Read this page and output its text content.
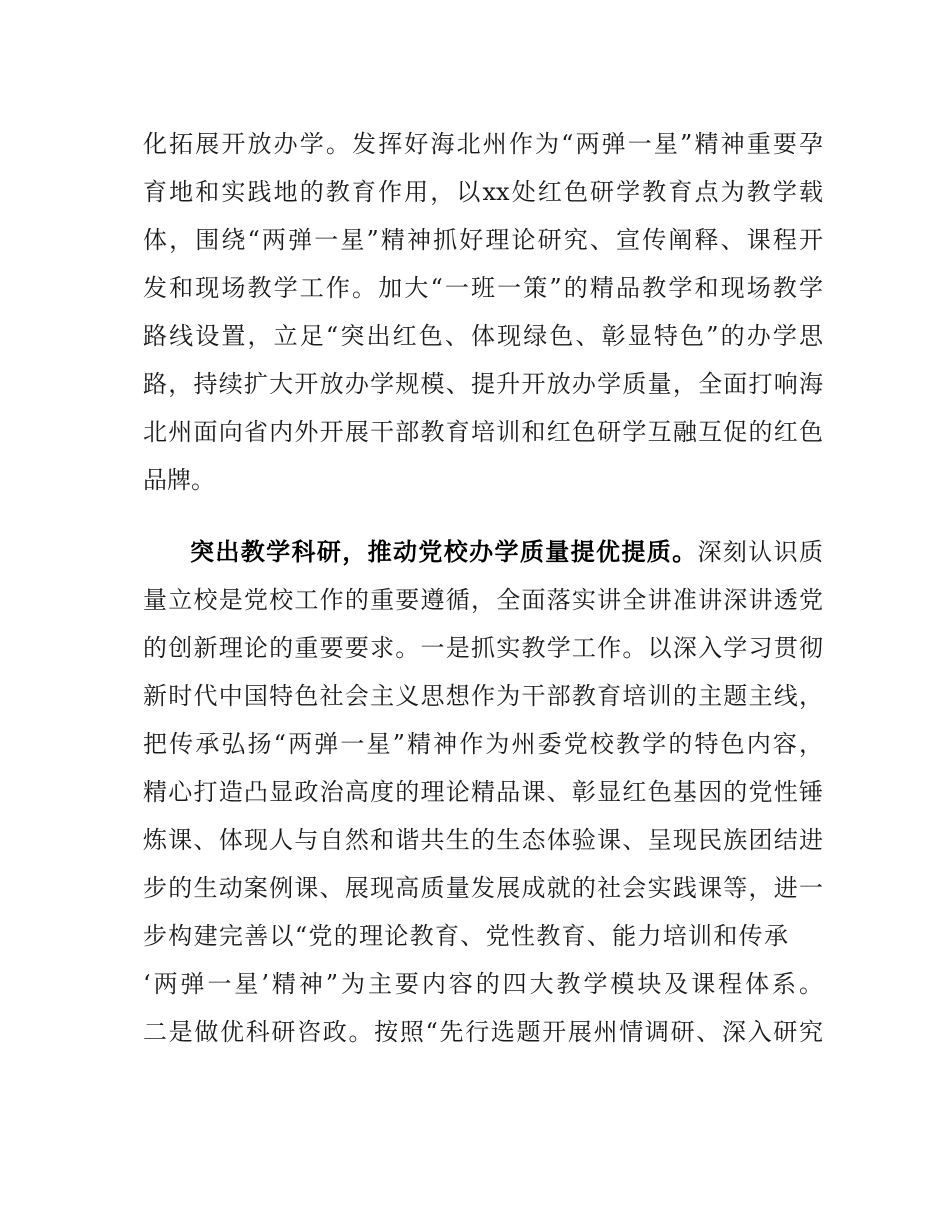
化拓展开放办学。发挥好海北州作为“两弹一星”精神重要孕
育地和实践地的教育作用，以xx处红色研学教育点为教学载
体，围绕“两弹一星”精神抓好理论研究、宣传阐释、课程开
发和现场教学工作。加大“一班一策”的精品教学和现场教学
路线设置，立足“突出红色、体现绿色、彰显特色”的办学思
路，持续扩大开放办学规模、提升开放办学质量，全面打响海
北州面向省内外开展干部教育培训和红色研学互融互促的红色
品牌。
突出教学科研，推动党校办学质量提优提质。深刻认识质
量立校是党校工作的重要遵循，全面落实讲全讲准讲深讲透党
的创新理论的重要要求。一是抓实教学工作。以深入学习贯彻
新时代中国特色社会主义思想作为干部教育培训的主题主线，
把传承弘扬“两弹一星”精神作为州委党校教学的特色内容，
精心打造凸显政治高度的理论精品课、彰显红色基因的党性锤
炼课、体现人与自然和谐共生的生态体验课、呈现民族团结进
步的生动案例课、展现高质量发展成就的社会实践课等，进一
步构建完善以“党的理论教育、党性教育、能力培训和传承
‘两弹一星’精神”为主要内容的四大教学模块及课程体系。
二是做优科研咨政。按照“先行选题开展州情调研、深入研究
